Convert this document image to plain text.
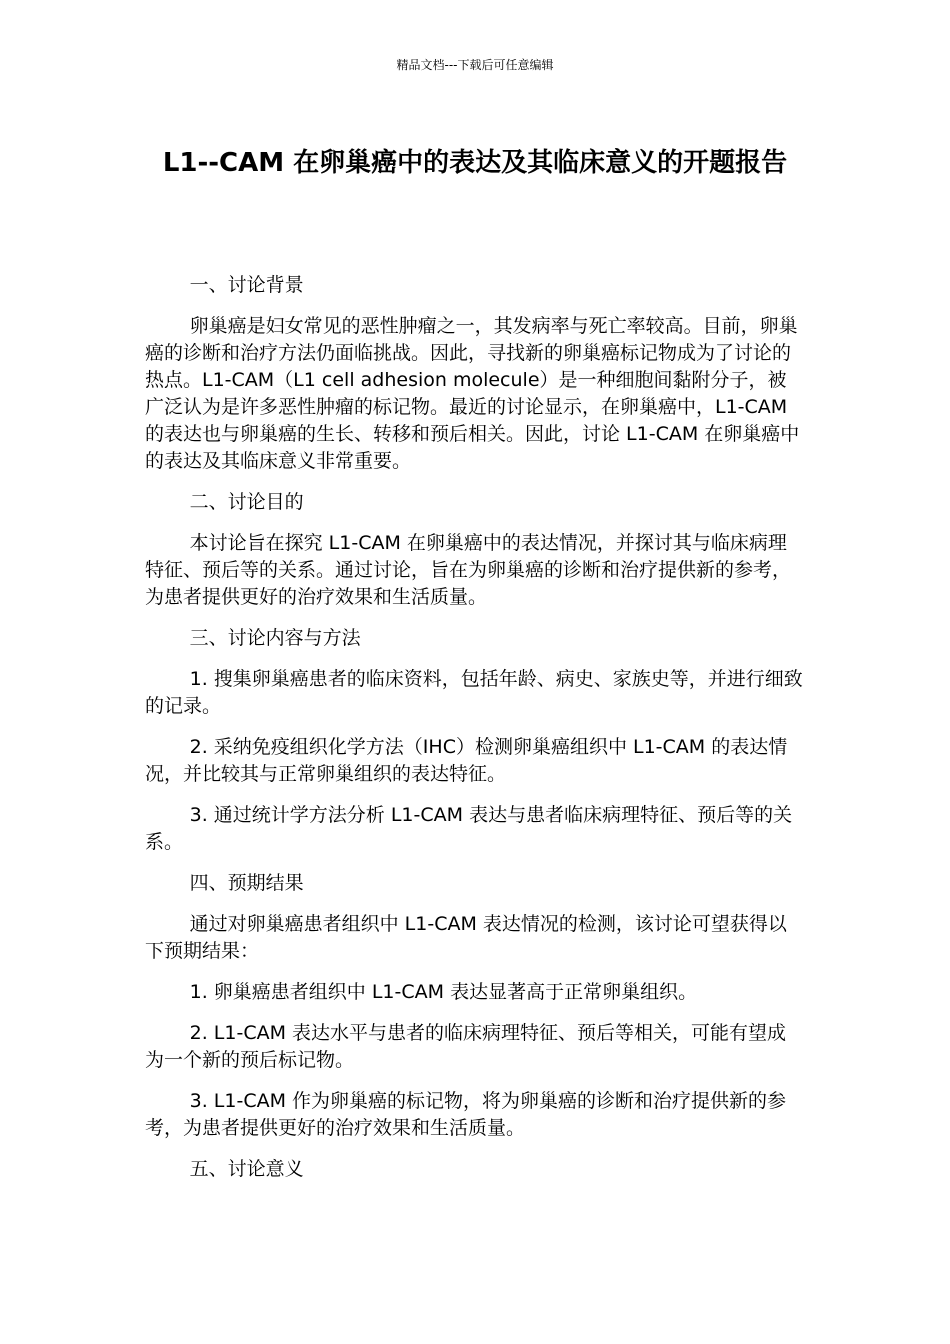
精品文档---下载后可任意编辑
L1--CAM 在卵巢癌中的表达及其临床意义的开题报告

一、讨论背景

卵巢癌是妇女常见的恶性肿瘤之一，其发病率与死亡率较高。目前，卵巢癌的诊断和治疗方法仍面临挑战。因此，寻找新的卵巢癌标记物成为了讨论的热点。L1-CAM（L1 cell adhesion molecule）是一种细胞间黏附分子，被广泛认为是许多恶性肿瘤的标记物。最近的讨论显示，在卵巢癌中，L1-CAM 的表达也与卵巢癌的生长、转移和预后相关。因此，讨论 L1-CAM 在卵巢癌中的表达及其临床意义非常重要。

二、讨论目的

本讨论旨在探究 L1-CAM 在卵巢癌中的表达情况，并探讨其与临床病理特征、预后等的关系。通过讨论，旨在为卵巢癌的诊断和治疗提供新的参考，为患者提供更好的治疗效果和生活质量。

三、讨论内容与方法

1. 搜集卵巢癌患者的临床资料，包括年龄、病史、家族史等，并进行细致的记录。

2. 采纳免疫组织化学方法（IHC）检测卵巢癌组织中 L1-CAM 的表达情况，并比较其与正常卵巢组织的表达特征。

3. 通过统计学方法分析 L1-CAM 表达与患者临床病理特征、预后等的关系。

四、预期结果

通过对卵巢癌患者组织中 L1-CAM 表达情况的检测，该讨论可望获得以下预期结果：

1. 卵巢癌患者组织中 L1-CAM 表达显著高于正常卵巢组织。

2. L1-CAM 表达水平与患者的临床病理特征、预后等相关，可能有望成为一个新的预后标记物。

3. L1-CAM 作为卵巢癌的标记物，将为卵巢癌的诊断和治疗提供新的参考，为患者提供更好的治疗效果和生活质量。

五、讨论意义
